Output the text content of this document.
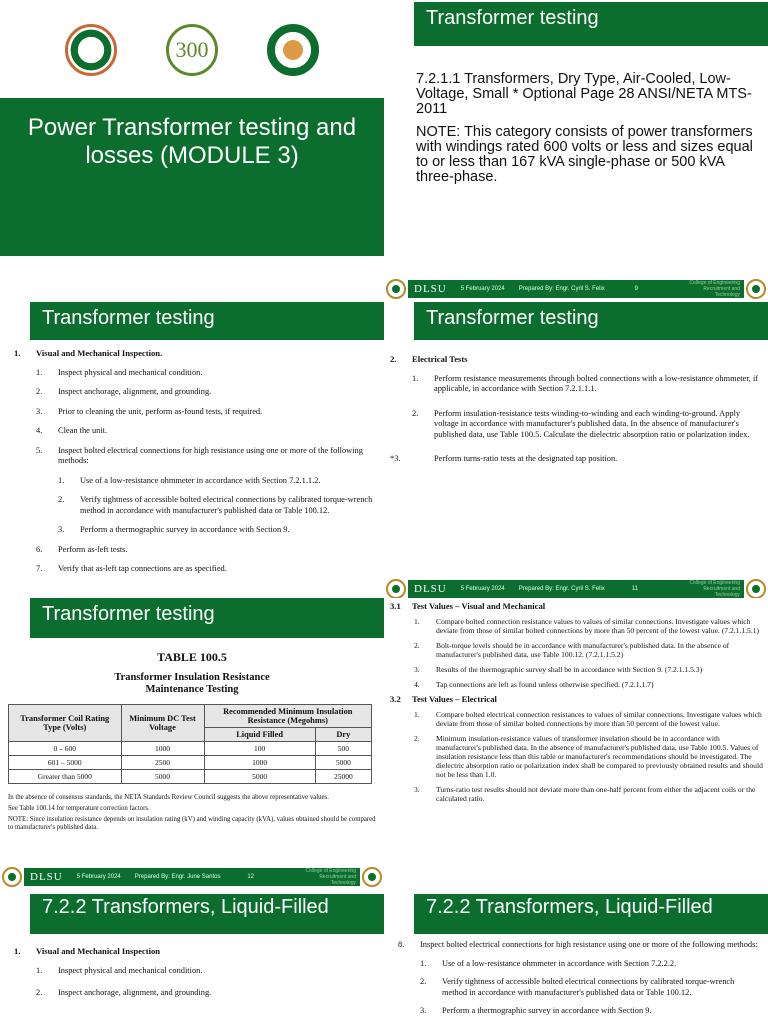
300
Power Transformer testing and losses (MODULE 3)
Transformer testing

7.2.1.1 Transformers, Dry Type, Air-Cooled, Low-Voltage, Small * Optional Page 28 ANSI/NETA MTS-2011

NOTE: This category consists of power transformers with windings rated 600 volts or less and sizes equal to or less than 167 kVA single-phase or 500 kVA three-phase.

DLSU 5 February 2024 Prepared By: Engr. Cyril S. Felix	9
College of Engineering Recruitment and Technology
Transformer testing
1.	Visual and Mechanical Inspection.
1.	Inspect physical and mechanical condition.
2.	Inspect anchorage, alignment, and grounding.
3.	Prior to cleaning the unit, perform as-found tests, if required.
4.	Clean the unit.
5.	Inspect bolted electrical connections for high resistance using one or more of the following methods:
1.	Use of a low-resistance ohmmeter in accordance with Section 7.2.1.1.2.
2.	Verify tightness of accessible bolted electrical connections by calibrated torque-wrench method in accordance with manufacturer's published data or Table 100.12.
3.	Perform a thermographic survey in accordance with Section 9.
6.	Perform as-left tests.
7.	Verify that as-left tap connections are as specified.
Transformer testing
2.	Electrical Tests
1.	Perform resistance measurements through bolted connections with a low-resistance ohmmeter, if applicable, in accordance with Section 7.2.1.1.1.
2.	Perform insulation-resistance tests winding-to-winding and each winding-to-ground. Apply voltage in accordance with manufacturer's published data. In the absence of manufacturer's published data, use Table 100.5. Calculate the dielectric absorption ratio or polarization index.
*3.	Perform turns-ratio tests at the designated tap position.
DLSU 5 February 2024 Prepared By: Engr. Cyril S. Felix	11
College of Engineering Recruitment and Technology
Transformer testing
TABLE 100.5
Transformer Insulation Resistance
Maintenance Testing
Transformer Coil Rating Type (Volts)	Minimum DC Test Voltage	Recommended Minimum Insulation Resistance (Megohms)	
		Liquid Filled	Dry
0 – 600	1000	100	500
601 – 5000	2500	1000	5000
Greater than 5000	5000	5000	25000

In the absence of consensus standards, the NETA Standards Review Council suggests the above representative values.

See Table 100.14 for temperature correction factors.

NOTE: Since insulation resistance depends on insulation rating (kV) and winding capacity (kVA), values obtained should be compared to manufacturer's published data.

DLSU 5 February 2024 Prepared By: Engr. June Santos	12
College of Engineering Recruitment and Technology
3.1	Test Values – Visual and Mechanical
1.	Compare bolted connection resistance values to values of similar connections. Investigate values which deviate from those of similar bolted connections by more than 50 percent of the lowest value. (7.2.1.1.5.1)
2.	Bolt-torque levels should be in accordance with manufacturer's published data. In the absence of manufacturer's published data, use Table 100.12. (7.2.1.1.5.2)
3.	Results of the thermographic survey shall be in accordance with Section 9. (7.2.1.1.5.3)
4.	Tap connections are left as found unless otherwise specified. (7.2.1.1.7)
3.2	Test Values – Electrical
1.	Compare bolted electrical connection resistances to values of similar connections. Investigate values which deviate from those of similar bolted connections by more than 50 percent of the lowest value.
2.	Minimum insulation-resistance values of transformer insulation should be in accordance with manufacturer's published data. In the absence of manufacturer's published data, use Table 100.5. Values of insulation resistance less than this table or manufacturer's recommendations should be investigated. The dielectric absorption ratio or polarization index shall be compared to previously obtained results and should not be less than 1.0.
3.	Turns-ratio test results should not deviate more than one-half percent from either the adjacent coils or the calculated ratio.
7.2.2 Transformers, Liquid-Filled
1.	Visual and Mechanical Inspection
1.	Inspect physical and mechanical condition.
2.	Inspect anchorage, alignment, and grounding.
7.2.2 Transformers, Liquid-Filled
8.	Inspect bolted electrical connections for high resistance using one or more of the following methods:
1.	Use of a low-resistance ohmmeter in accordance with Section 7.2.2.2.
2.	Verify tightness of accessible bolted electrical connections by calibrated torque-wrench method in accordance with manufacturer's published data or Table 100.12.
3.	Perform a thermographic survey in accordance with Section 9.
